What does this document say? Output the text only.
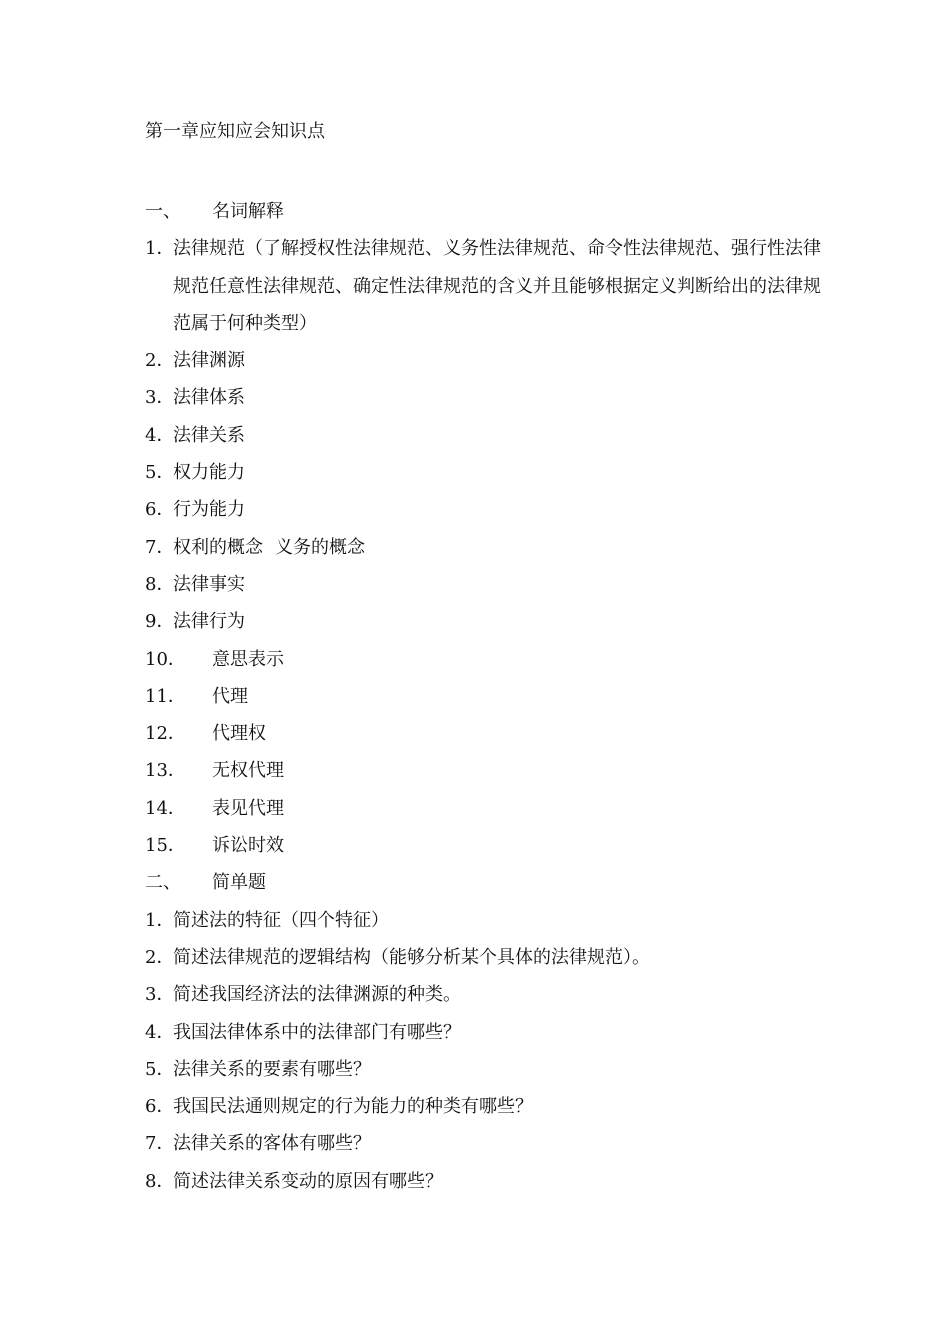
第一章应知应会知识点
一、	名词解释
1．
法律规范（了解授权性法律规范、义务性法律规范、命令性法律规范、强行性法律规范任意性法律规范、确定性法律规范的含义并且能够根据定义判断给出的法律规范属于何种类型）
2．
法律渊源
3．
法律体系
4．
法律关系
5．
权力能力
6．
行为能力
7．
权利的概念 义务的概念
8．
法律事实
9．
法律行为
10．	意思表示
11．	代理
12．	代理权
13．	无权代理
14．	表见代理
15．	诉讼时效
二、	简单题
1．
简述法的特征（四个特征）
2．
简述法律规范的逻辑结构（能够分析某个具体的法律规范）。
3．
简述我国经济法的法律渊源的种类。
4．
我国法律体系中的法律部门有哪些？
5．
法律关系的要素有哪些？
6．
我国民法通则规定的行为能力的种类有哪些？
7．
法律关系的客体有哪些？
8．
简述法律关系变动的原因有哪些？
